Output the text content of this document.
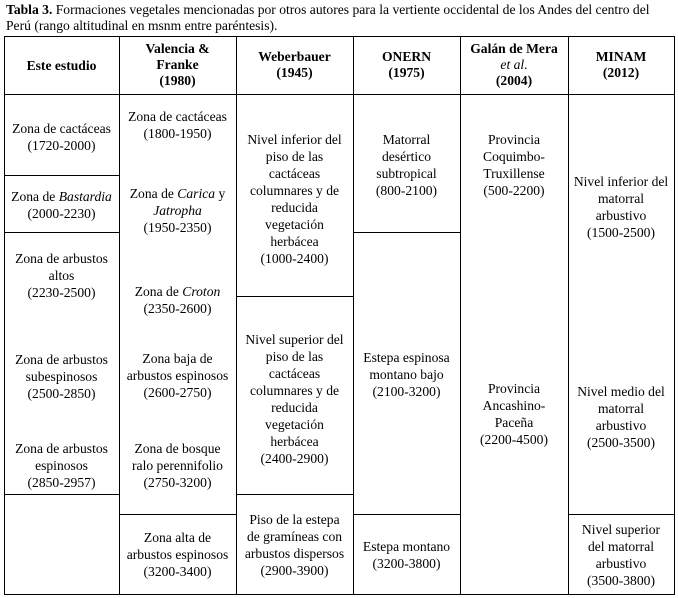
Tabla 3. Formaciones vegetales mencionadas por otros autores para la vertiente occidental de los Andes del centro del Perú (rango altitudinal en msnm entre paréntesis).
Este estudio
Valencia &
Franke
(1980)
Weberbauer
(1945)
ONERN
(1975)
Galán de Mera
et al.
(2004)
MINAM
(2012)
Zona de cactáceas
(1720-2000)
Zona de Bastardia
(2000-2230)
Zona de arbustos
altos
(2230-2500)
Zona de arbustos
subespinosos
(2500-2850)
Zona de arbustos
espinosos
(2850-2957)
Zona de cactáceas
(1800-1950)
Zona de Carica y
Jatropha
(1950-2350)
Zona de Croton
(2350-2600)
Zona baja de
arbustos espinosos
(2600-2750)
Zona de bosque
ralo perennifolio
(2750-3200)
Zona alta de
arbustos espinosos
(3200-3400)
Nivel inferior del
piso de las
cactáceas
columnares y de
reducida
vegetación
herbácea
(1000-2400)
Nivel superior del
piso de las
cactáceas
columnares y de
reducida
vegetación
herbácea
(2400-2900)
Piso de la estepa
de gramíneas con
arbustos dispersos
(2900-3900)
Matorral
desértico
subtropical
(800-2100)
Estepa espinosa
montano bajo
(2100-3200)
Estepa montano
(3200-3800)
Provincia
Coquimbo-
Truxillense
(500-2200)
Provincia
Ancashino-
Paceña
(2200-4500)
Nivel inferior del
matorral
arbustivo
(1500-2500)
Nivel medio del
matorral
arbustivo
(2500-3500)
Nivel superior
del matorral
arbustivo
(3500-3800)
